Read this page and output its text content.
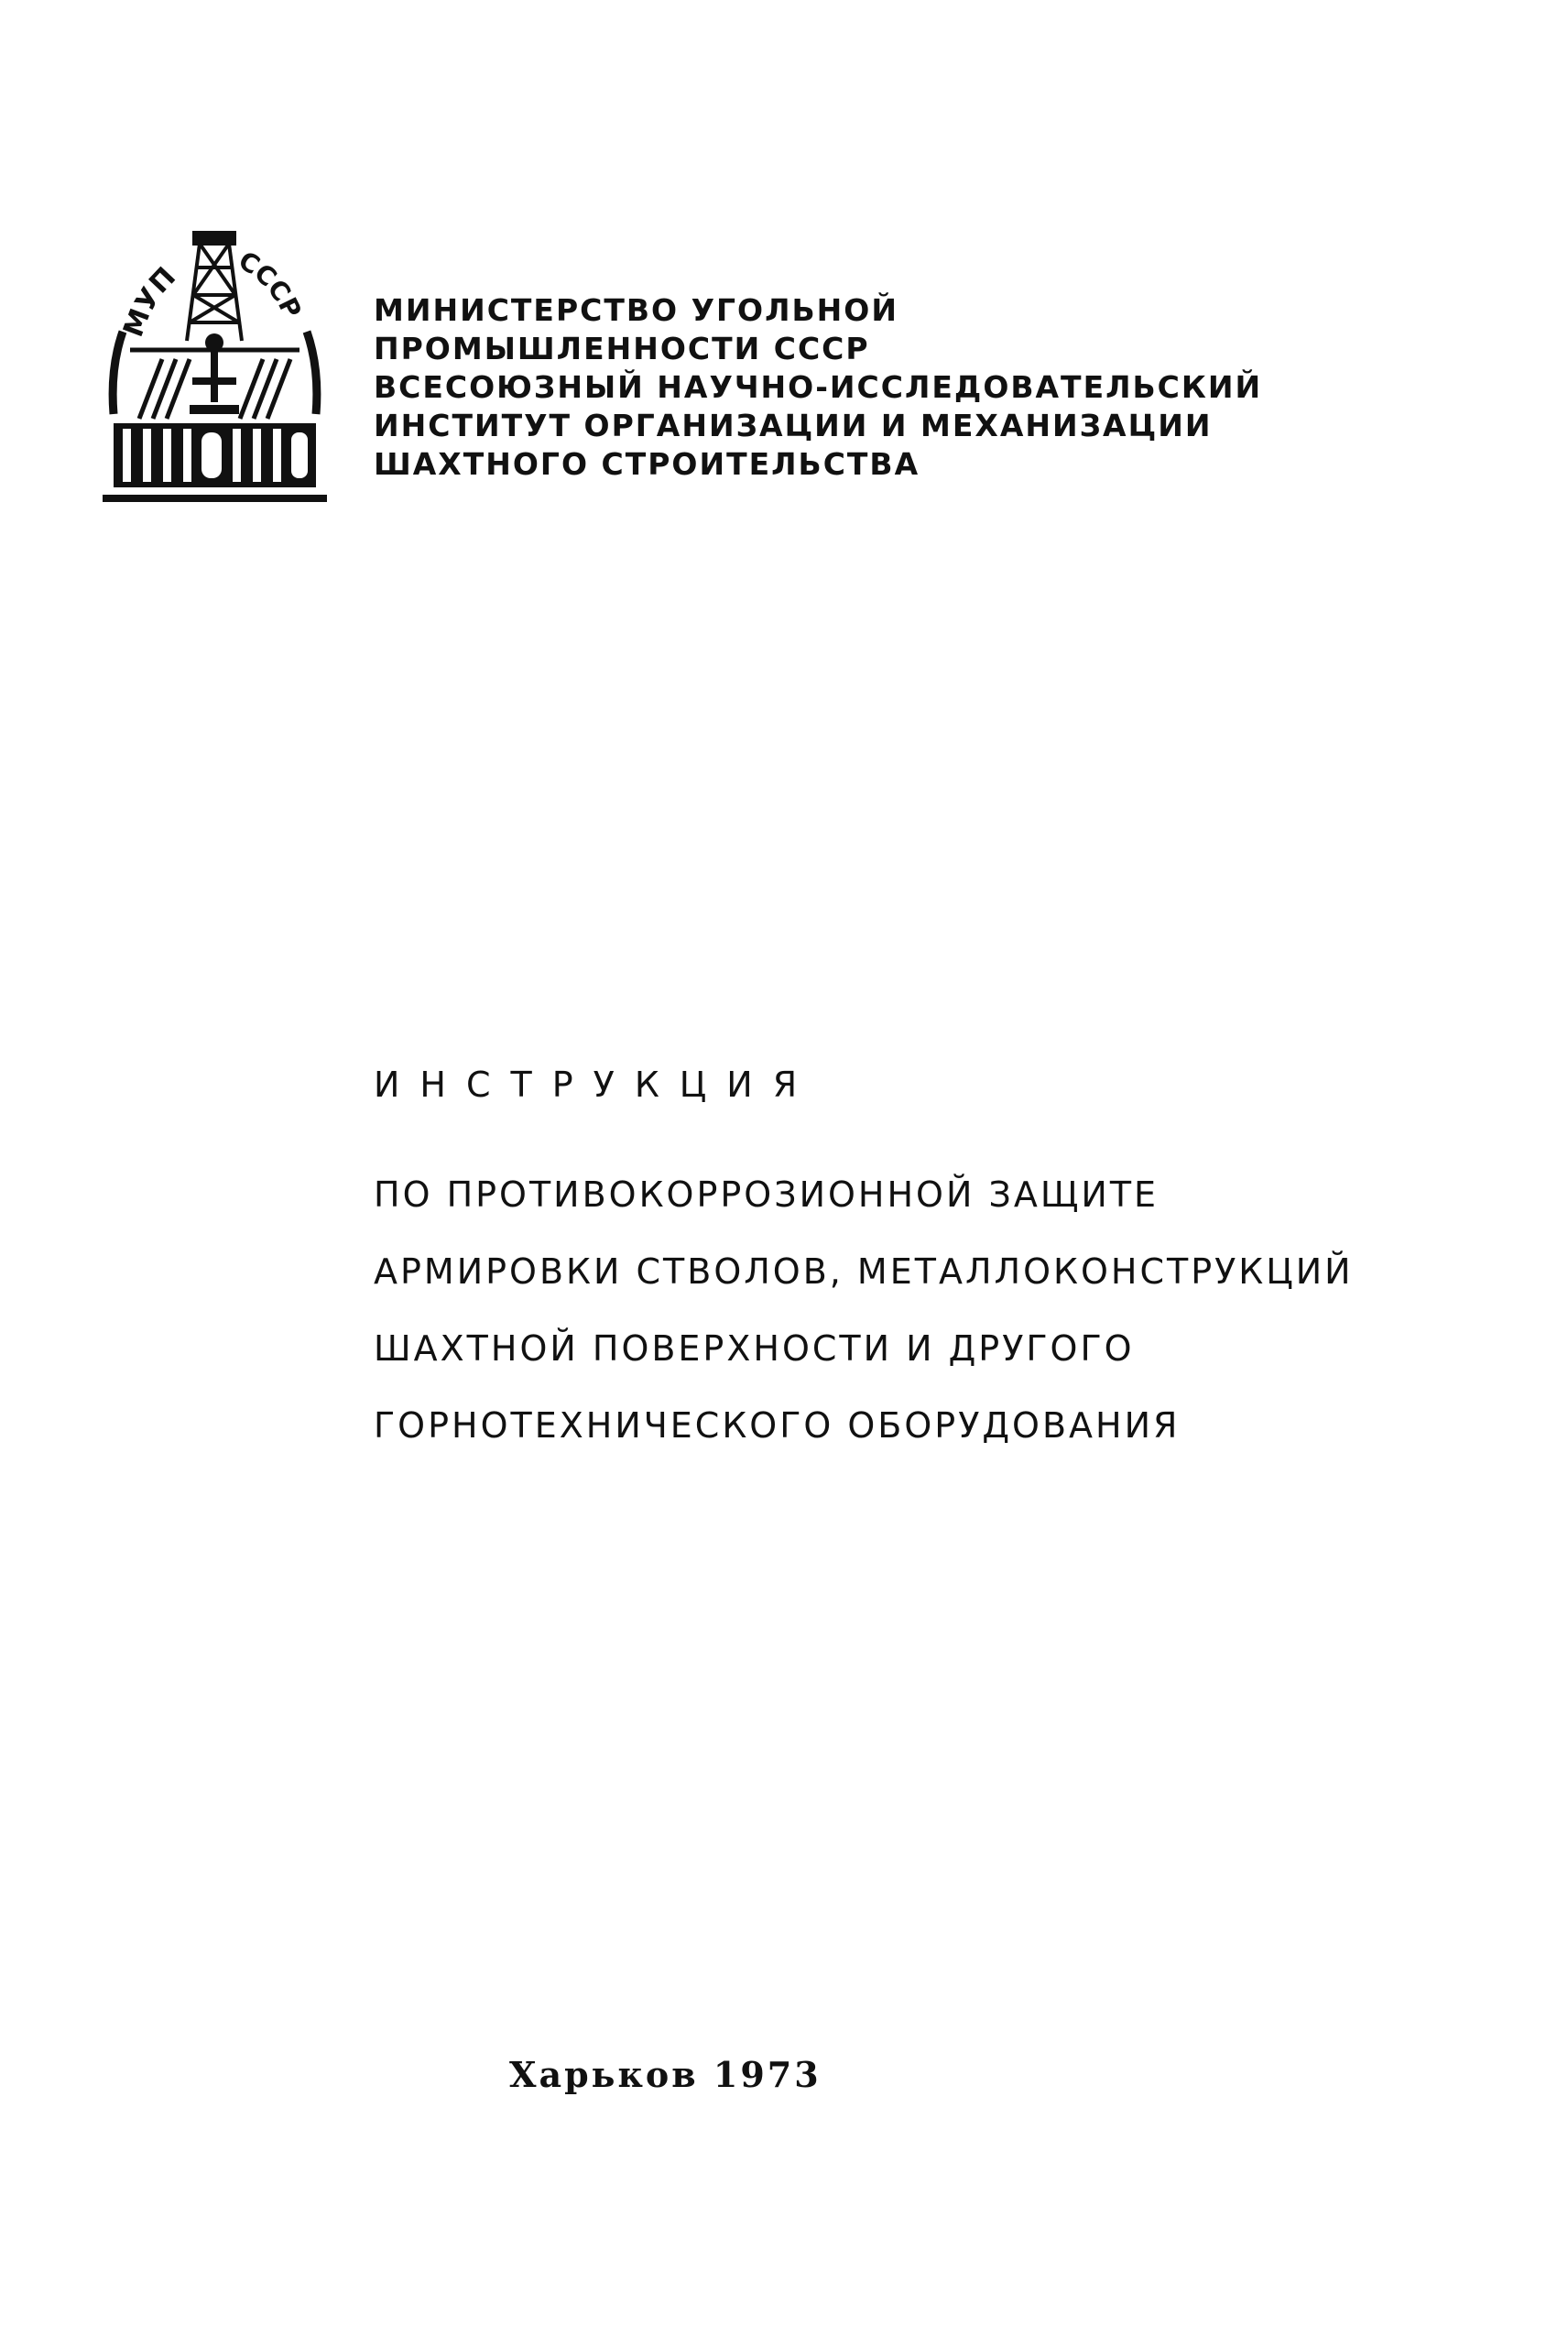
МУП СССР МИНИСТЕРСТВО УГОЛЬНОЙ
ПРОМЫШЛЕННОСТИ СССР
ВСЕСОЮЗНЫЙ НАУЧНО-ИССЛЕДОВАТЕЛЬСКИЙ
ИНСТИТУТ ОРГАНИЗАЦИИ И МЕХАНИЗАЦИИ
ШАХТНОГО СТРОИТЕЛЬСТВА
ИНСТРУКЦИЯ
ПО ПРОТИВОКОРРОЗИОННОЙ ЗАЩИТЕ
АРМИРОВКИ СТВОЛОВ, МЕТАЛЛОКОНСТРУКЦИЙ
ШАХТНОЙ ПОВЕРХНОСТИ И ДРУГОГО
ГОРНОТЕХНИЧЕСКОГО ОБОРУДОВАНИЯ
Харьков 1973
